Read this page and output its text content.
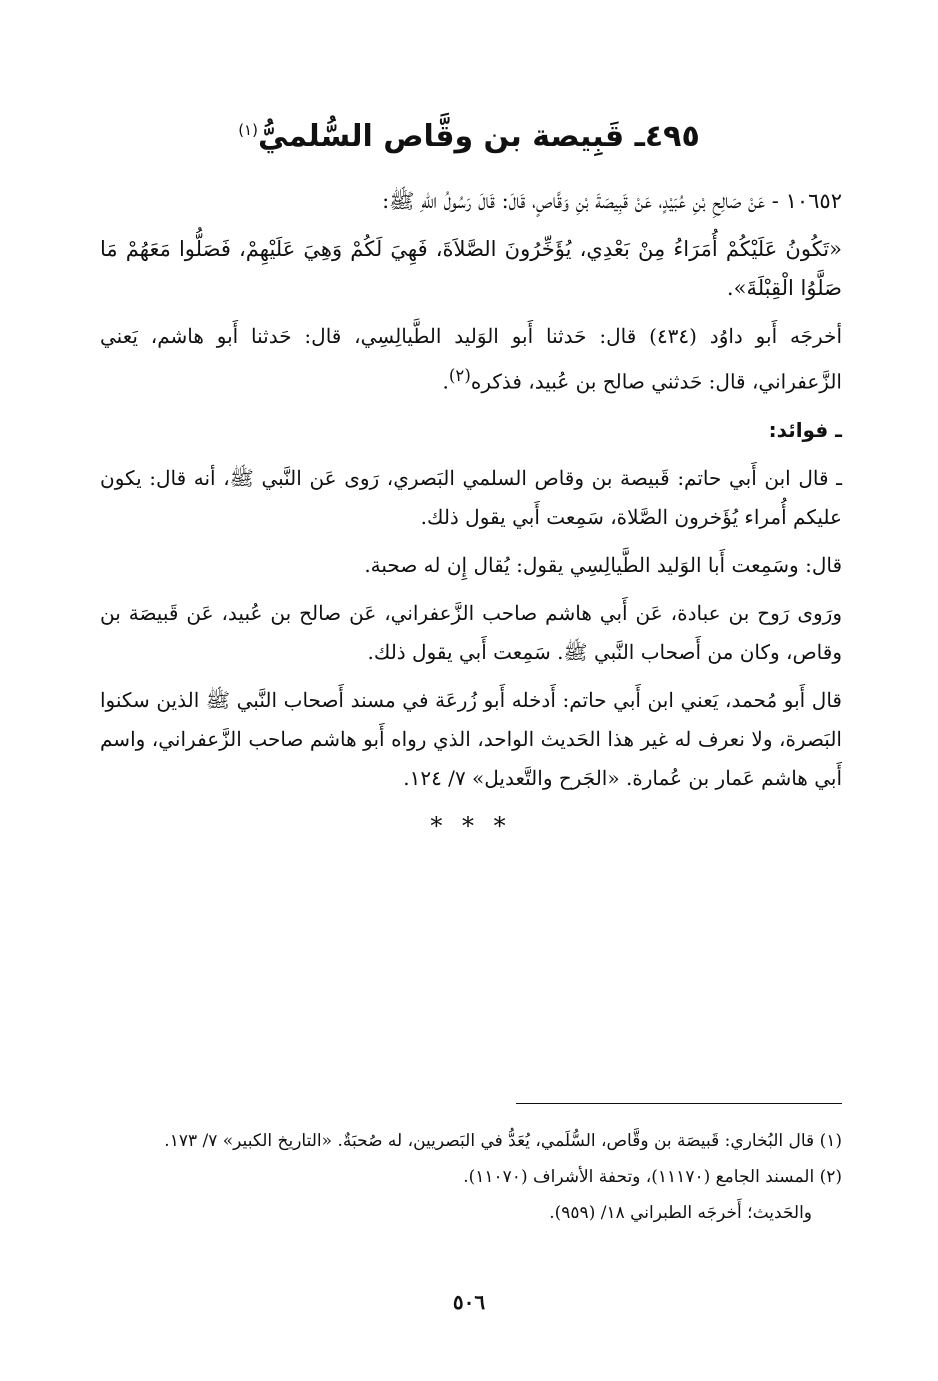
٤٩٥ـ قَبِيصة بن وقَّاص السُّلميُّ$^{(١)}$

١٠٦٥٢ - عَنْ صَالِحِ بْنِ عُبَيْدٍ، عَنْ قَبِيصَةَ بْنِ وَقَّاصٍ، قَالَ: قَالَ رَسُولُ اللهِ ﷺ:

«تَكُونُ عَلَيْكُمْ أُمَرَاءُ مِنْ بَعْدِي، يُؤَخِّرُونَ الصَّلاَةَ، فَهِيَ لَكُمْ وَهِيَ عَلَيْهِمْ، فَصَلُّوا مَعَهُمْ مَا صَلَّوُا الْقِبْلَةَ».

أخرجَه أَبو داوُد (٤٣٤) قال: حَدثنا أَبو الوَليد الطَّيالِسِي، قال: حَدثنا أَبو هاشم، يَعني الزَّعفراني، قال: حَدثني صالح بن عُبيد، فذكره$^{(٢)}$.

ـ فوائد:

ـ قال ابن أَبي حاتم: قَبيصة بن وقاص السلمي البَصري، رَوى عَن النَّبي ﷺ، أنه قال: يكون عليكم أُمراء يُؤَخرون الصَّلاة، سَمِعت أَبي يقول ذلك.

قال: وسَمِعت أَبا الوَليد الطَّيالِسِي يقول: يُقال إِن له صحبة.

ورَوى رَوح بن عبادة، عَن أَبي هاشم صاحب الزَّعفراني، عَن صالح بن عُبيد، عَن قَبيصَة بن وقاص، وكان من أَصحاب النَّبي ﷺ. سَمِعت أَبي يقول ذلك.

قال أَبو مُحمد، يَعني ابن أَبي حاتم: أَدخله أَبو زُرعَة في مسند أَصحاب النَّبي ﷺ الذين سكنوا البَصرة، ولا نعرف له غير هذا الحَديث الواحد، الذي رواه أَبو هاشم صاحب الزَّعفراني، واسم أَبي هاشم عَمار بن عُمارة. «الجَرح والتَّعديل» ٧/ ١٢٤.

* * *

(١) قال البُخاري: قَبيصَة بن وقَّاص، السُّلَمي، يُعَدُّ في البَصريين، له صُحبَةٌ. «التاريخ الكبير» ٧/ ١٧٣.

(٢) المسند الجامع (١١١٧٠)، وتحفة الأشراف (١١٠٧٠).

والحَديث؛ أَخرجَه الطبراني ١٨/ (٩٥٩).

٥٠٦
